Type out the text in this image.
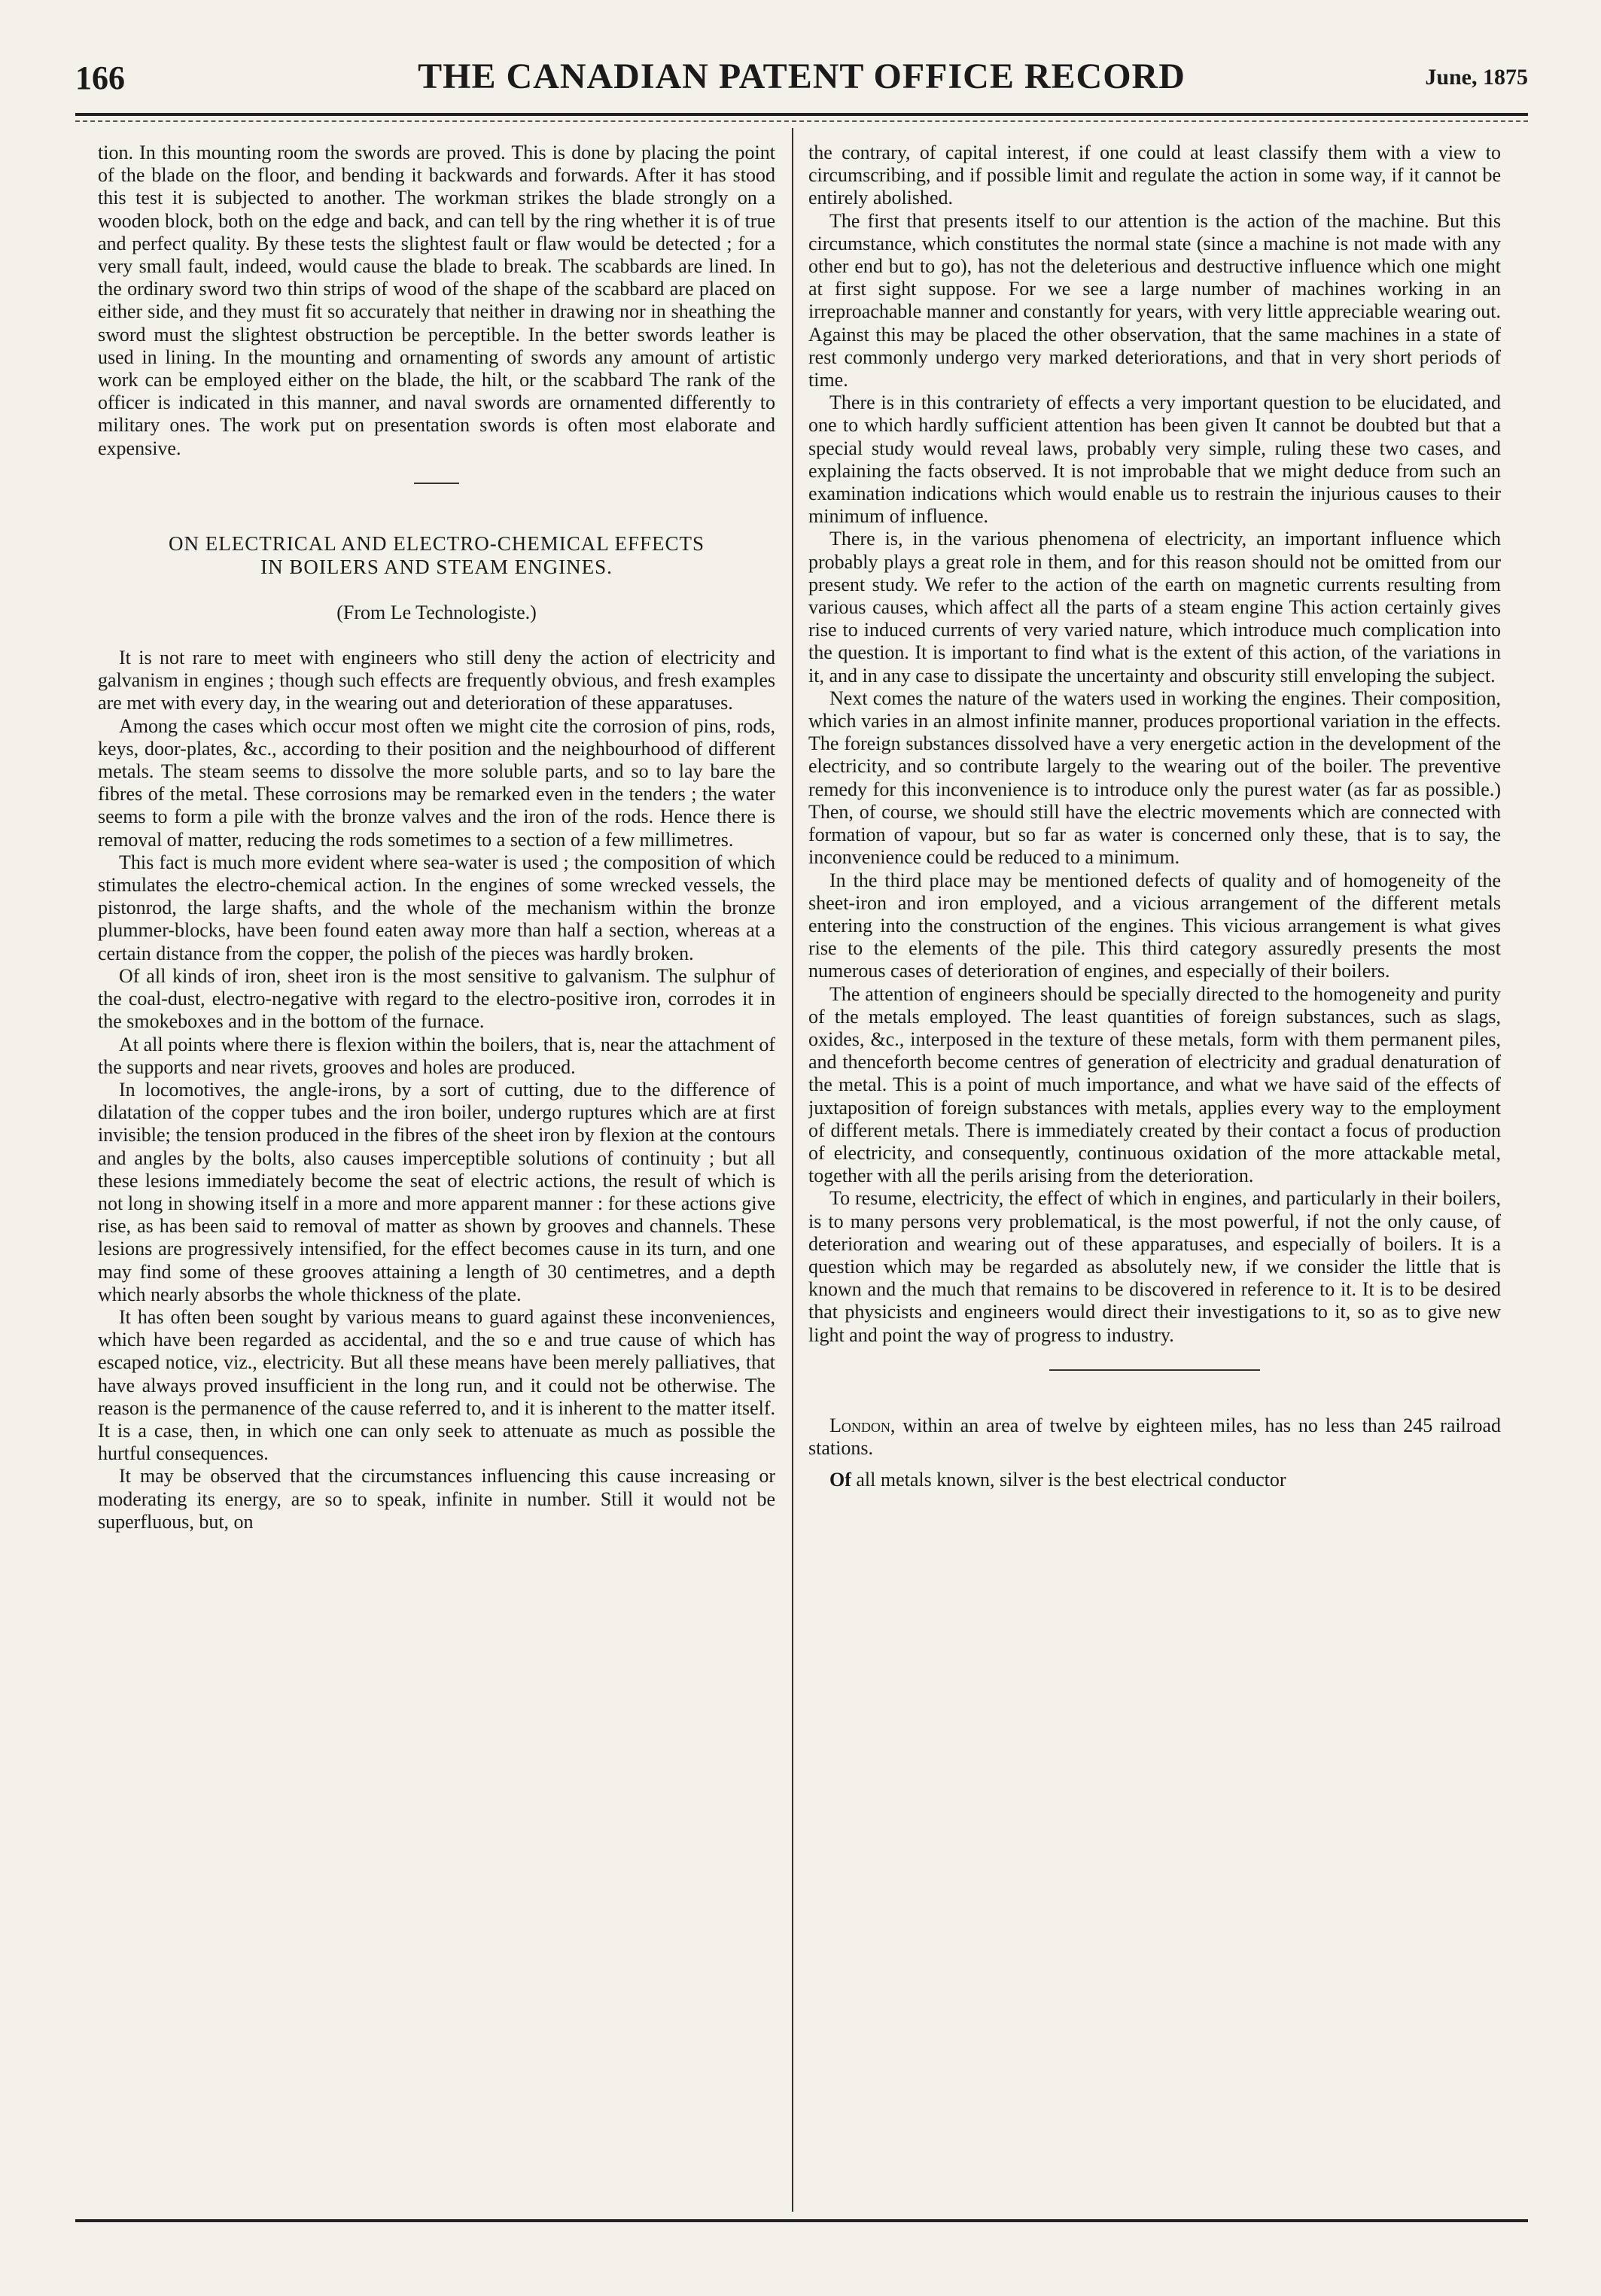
166	THE CANADIAN PATENT OFFICE RECORD	June, 1875

tion. In this mounting room the swords are proved. This is done by placing the point of the blade on the floor, and bending it backwards and forwards. After it has stood this test it is subjected to another. The workman strikes the blade strongly on a wooden block, both on the edge and back, and can tell by the ring whether it is of true and perfect quality. By these tests the slightest fault or flaw would be detected ; for a very small fault, indeed, would cause the blade to break. The scabbards are lined. In the ordinary sword two thin strips of wood of the shape of the scabbard are placed on either side, and they must fit so accurately that neither in drawing nor in sheathing the sword must the slightest obstruction be perceptible. In the better swords leather is used in lining. In the mounting and ornamenting of swords any amount of artistic work can be employed either on the blade, the hilt, or the scabbard The rank of the officer is indicated in this manner, and naval swords are ornamented differently to military ones. The work put on presentation swords is often most elaborate and expensive.

ON ELECTRICAL AND ELECTRO-CHEMICAL EFFECTS
IN BOILERS AND STEAM ENGINES.
(From Le Technologiste.)

It is not rare to meet with engineers who still deny the action of electricity and galvanism in engines ; though such effects are frequently obvious, and fresh examples are met with every day, in the wearing out and deterioration of these apparatuses.

Among the cases which occur most often we might cite the corrosion of pins, rods, keys, door-plates, &c., according to their position and the neighbourhood of different metals. The steam seems to dissolve the more soluble parts, and so to lay bare the fibres of the metal. These corrosions may be remarked even in the tenders ; the water seems to form a pile with the bronze valves and the iron of the rods. Hence there is removal of matter, reducing the rods sometimes to a section of a few millimetres.

This fact is much more evident where sea-water is used ; the composition of which stimulates the electro-chemical action. In the engines of some wrecked vessels, the pistonrod, the large shafts, and the whole of the mechanism within the bronze plummer-blocks, have been found eaten away more than half a section, whereas at a certain distance from the copper, the polish of the pieces was hardly broken.

Of all kinds of iron, sheet iron is the most sensitive to galvanism. The sulphur of the coal-dust, electro-negative with regard to the electro-positive iron, corrodes it in the smokeboxes and in the bottom of the furnace.

At all points where there is flexion within the boilers, that is, near the attachment of the supports and near rivets, grooves and holes are produced.

In locomotives, the angle-irons, by a sort of cutting, due to the difference of dilatation of the copper tubes and the iron boiler, undergo ruptures which are at first invisible; the tension produced in the fibres of the sheet iron by flexion at the contours and angles by the bolts, also causes imperceptible solutions of continuity ; but all these lesions immediately become the seat of electric actions, the result of which is not long in showing itself in a more and more apparent manner : for these actions give rise, as has been said to removal of matter as shown by grooves and channels. These lesions are progressively intensified, for the effect becomes cause in its turn, and one may find some of these grooves attaining a length of 30 centimetres, and a depth which nearly absorbs the whole thickness of the plate.

It has often been sought by various means to guard against these inconveniences, which have been regarded as accidental, and the so e and true cause of which has escaped notice, viz., electricity. But all these means have been merely palliatives, that have always proved insufficient in the long run, and it could not be otherwise. The reason is the permanence of the cause referred to, and it is inherent to the matter itself. It is a case, then, in which one can only seek to attenuate as much as possible the hurtful consequences.

It may be observed that the circumstances influencing this cause increasing or moderating its energy, are so to speak, infinite in number. Still it would not be superfluous, but, on

the contrary, of capital interest, if one could at least classify them with a view to circumscribing, and if possible limit and regulate the action in some way, if it cannot be entirely abolished.

The first that presents itself to our attention is the action of the machine. But this circumstance, which constitutes the normal state (since a machine is not made with any other end but to go), has not the deleterious and destructive influence which one might at first sight suppose. For we see a large number of machines working in an irreproachable manner and constantly for years, with very little appreciable wearing out. Against this may be placed the other observation, that the same machines in a state of rest commonly undergo very marked deteriorations, and that in very short periods of time.

There is in this contrariety of effects a very important question to be elucidated, and one to which hardly sufficient attention has been given It cannot be doubted but that a special study would reveal laws, probably very simple, ruling these two cases, and explaining the facts observed. It is not improbable that we might deduce from such an examination indications which would enable us to restrain the injurious causes to their minimum of influence.

There is, in the various phenomena of electricity, an important influence which probably plays a great role in them, and for this reason should not be omitted from our present study. We refer to the action of the earth on magnetic currents resulting from various causes, which affect all the parts of a steam engine This action certainly gives rise to induced currents of very varied nature, which introduce much complication into the question. It is important to find what is the extent of this action, of the variations in it, and in any case to dissipate the uncertainty and obscurity still enveloping the subject.

Next comes the nature of the waters used in working the engines. Their composition, which varies in an almost infinite manner, produces proportional variation in the effects. The foreign substances dissolved have a very energetic action in the development of the electricity, and so contribute largely to the wearing out of the boiler. The preventive remedy for this inconvenience is to introduce only the purest water (as far as possible.) Then, of course, we should still have the electric movements which are connected with formation of vapour, but so far as water is concerned only these, that is to say, the inconvenience could be reduced to a minimum.

In the third place may be mentioned defects of quality and of homogeneity of the sheet-iron and iron employed, and a vicious arrangement of the different metals entering into the construction of the engines. This vicious arrangement is what gives rise to the elements of the pile. This third category assuredly presents the most numerous cases of deterioration of engines, and especially of their boilers.

The attention of engineers should be specially directed to the homogeneity and purity of the metals employed. The least quantities of foreign substances, such as slags, oxides, &c., interposed in the texture of these metals, form with them permanent piles, and thenceforth become centres of generation of electricity and gradual denaturation of the metal. This is a point of much importance, and what we have said of the effects of juxtaposition of foreign substances with metals, applies every way to the employment of different metals. There is immediately created by their contact a focus of production of electricity, and consequently, continuous oxidation of the more attackable metal, together with all the perils arising from the deterioration.

To resume, electricity, the effect of which in engines, and particularly in their boilers, is to many persons very problematical, is the most powerful, if not the only cause, of deterioration and wearing out of these apparatuses, and especially of boilers. It is a question which may be regarded as absolutely new, if we consider the little that is known and the much that remains to be discovered in reference to it. It is to be desired that physicists and engineers would direct their investigations to it, so as to give new light and point the way of progress to industry.

London, within an area of twelve by eighteen miles, has no less than 245 railroad stations.

Of all metals known, silver is the best electrical conductor
